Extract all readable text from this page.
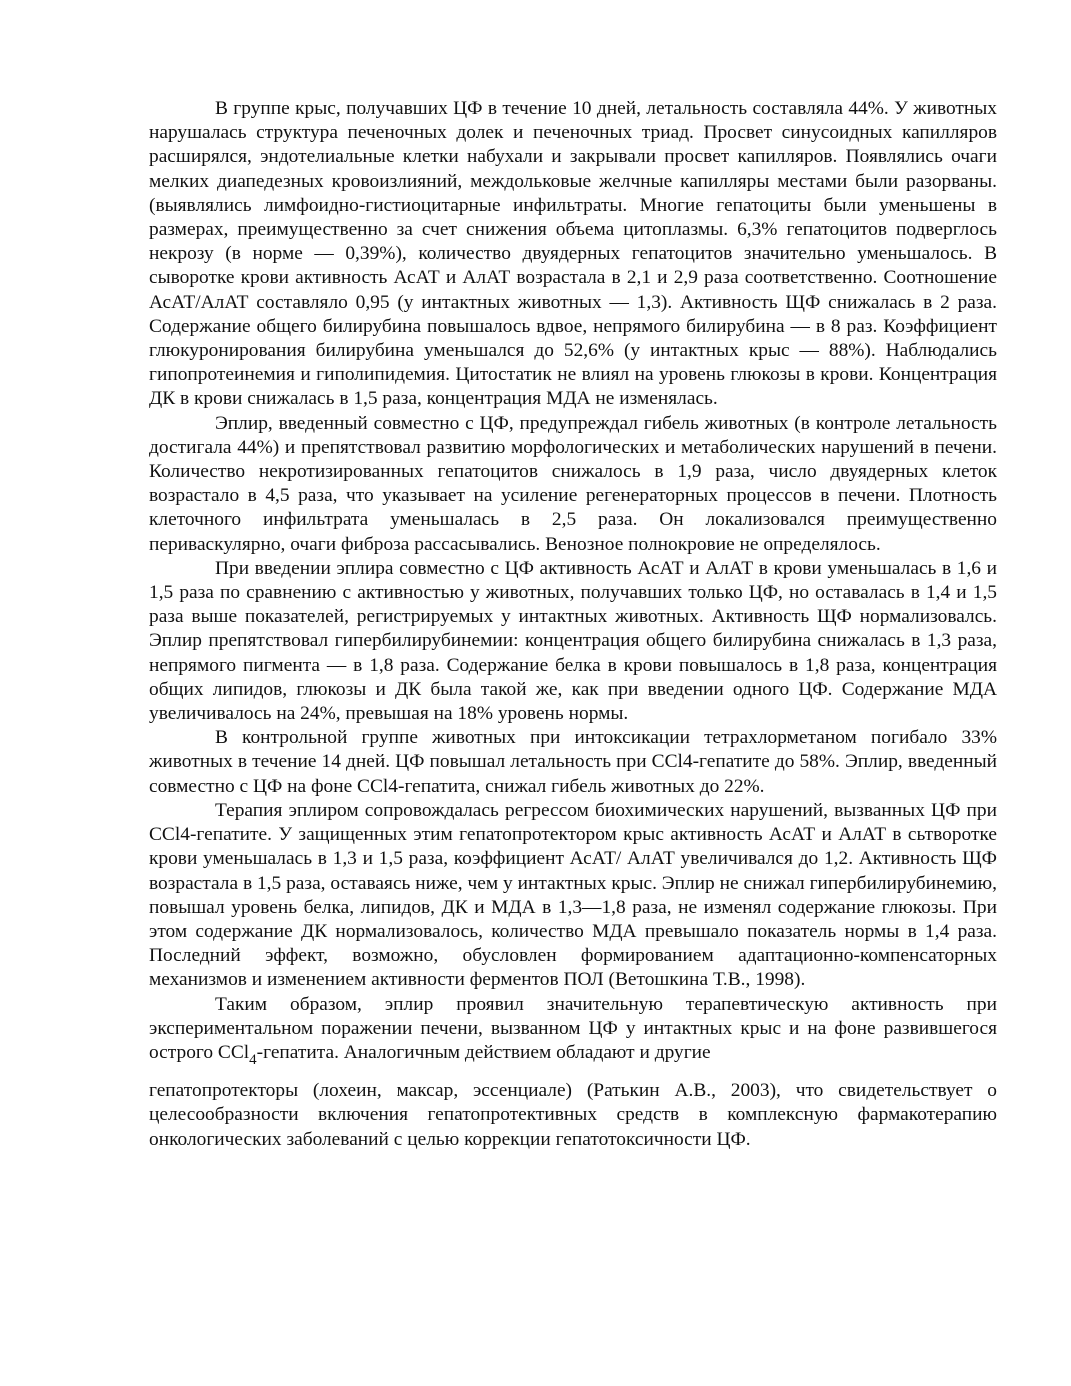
В группе крыс, получавших ЦФ в течение 10 дней, летальность составляла 44%. У животных нарушалась структура печеночных долек и печеночных триад. Просвет синусоидных капилляров расширялся, эндотелиальные клетки набухали и закрывали просвет капилляров. Появлялись очаги мелких диапедезных кровоизлияний, междольковые желчные капилляры местами были разорваны.(выявлялись лимфоидно-гистиоцитарные инфильтраты. Многие гепатоциты были уменьшены в размерах, преимущественно за счет снижения объема цитоплазмы. 6,3% гепатоцитов подверглось некрозу (в норме — 0,39%), количество двуядерных гепатоцитов значительно уменьшалось. В сыворотке крови активность АсАТ и АлАТ возрастала в 2,1 и 2,9 раза соответственно. Соотношение АсАТ/АлАТ составляло 0,95 (у интактных животных — 1,3). Активность ЩФ снижалась в 2 раза. Содержание общего билирубина повышалось вдвое, непрямого билирубина — в 8 раз. Коэффициент глюкуронирования билирубина уменьшался до 52,6% (у интактных крыс — 88%). Наблюдались гипопротеинемия и гиполипидемия. Цитостатик не влиял на уровень глюкозы в крови. Концентрация ДК в крови снижалась в 1,5 раза, концентрация МДА не изменялась.

Эплир, введенный совместно с ЦФ, предупреждал гибель животных (в контроле летальность достигала 44%) и препятствовал развитию морфологических и метаболических нарушений в печени. Количество некротизированных гепатоцитов снижалось в 1,9 раза, число двуядерных клеток возрастало в 4,5 раза, что указывает на усиление регенераторных процессов в печени. Плотность клеточного инфильтрата уменьшалась в 2,5 раза. Он локализовался преимущественно периваскулярно, очаги фиброза рассасывались. Венозное полнокровие не определялось.

При введении эплира совместно с ЦФ активность АсАТ и АлАТ в крови уменьшалась в 1,6 и 1,5 раза по сравнению с активностью у животных, получавших только ЦФ, но оставалась в 1,4 и 1,5 раза выше показателей, регистрируемых у интактных животных. Активность ЩФ нормализовалсь. Эплир препятствовал гипербилирубинемии: концентрация общего билирубина снижалась в 1,3 раза, непрямого пигмента — в 1,8 раза. Содержание белка в крови повышалось в 1,8 раза, концентрация общих липидов, глюкозы и ДК была такой же, как при введении одного ЦФ. Содержание МДА увеличивалось на 24%, превышая на 18% уровень нормы.

В контрольной группе животных при интоксикации тетрахлорметаном погибало 33% животных в течение 14 дней. ЦФ повышал летальность при CCl4-гепатите до 58%. Эплир, введенный совместно с ЦФ на фоне CCl4-гепатита, снижал гибель животных до 22%.

Терапия эплиром сопровождалась регрессом биохимических нарушений, вызванных ЦФ при CCl4-гепатите. У защищенных этим гепатопротектором крыс активность АсАТ и АлАТ в сьтворотке крови уменьшалась в 1,3 и 1,5 раза, коэффициент АсАТ/ АлАТ увеличивался до 1,2. Активность ЩФ возрастала в 1,5 раза, оставаясь ниже, чем у интактных крыс. Эплир не снижал гипербилирубинемию, повышал уровень белка, липидов, ДК и МДА в 1,3—1,8 раза, не изменял содержание глюкозы. При этом содержание ДК нормализовалось, количество МДА превышало показатель нормы в 1,4 раза. Последний эффект, возможно, обусловлен формированием адаптационно-компенсаторных механизмов и изменением активности ферментов ПОЛ (Ветошкина Т.В., 1998).

Таким образом, эплир проявил значительную терапевтическую активность при экспериментальном поражении печени, вызванном ЦФ у интактных крыс и на фоне развившегося острого CCl$_4$-гепатита. Аналогичным действием обладают и другие
гепатопротекторы (лохеин, максар, эссенциале) (Ратькин А.В., 2003), что свидетельствует о целесообразности включения гепатопротективных средств в комплексную фармакотерапию онкологических заболеваний с целью коррекции гепатотоксичности ЦФ.
